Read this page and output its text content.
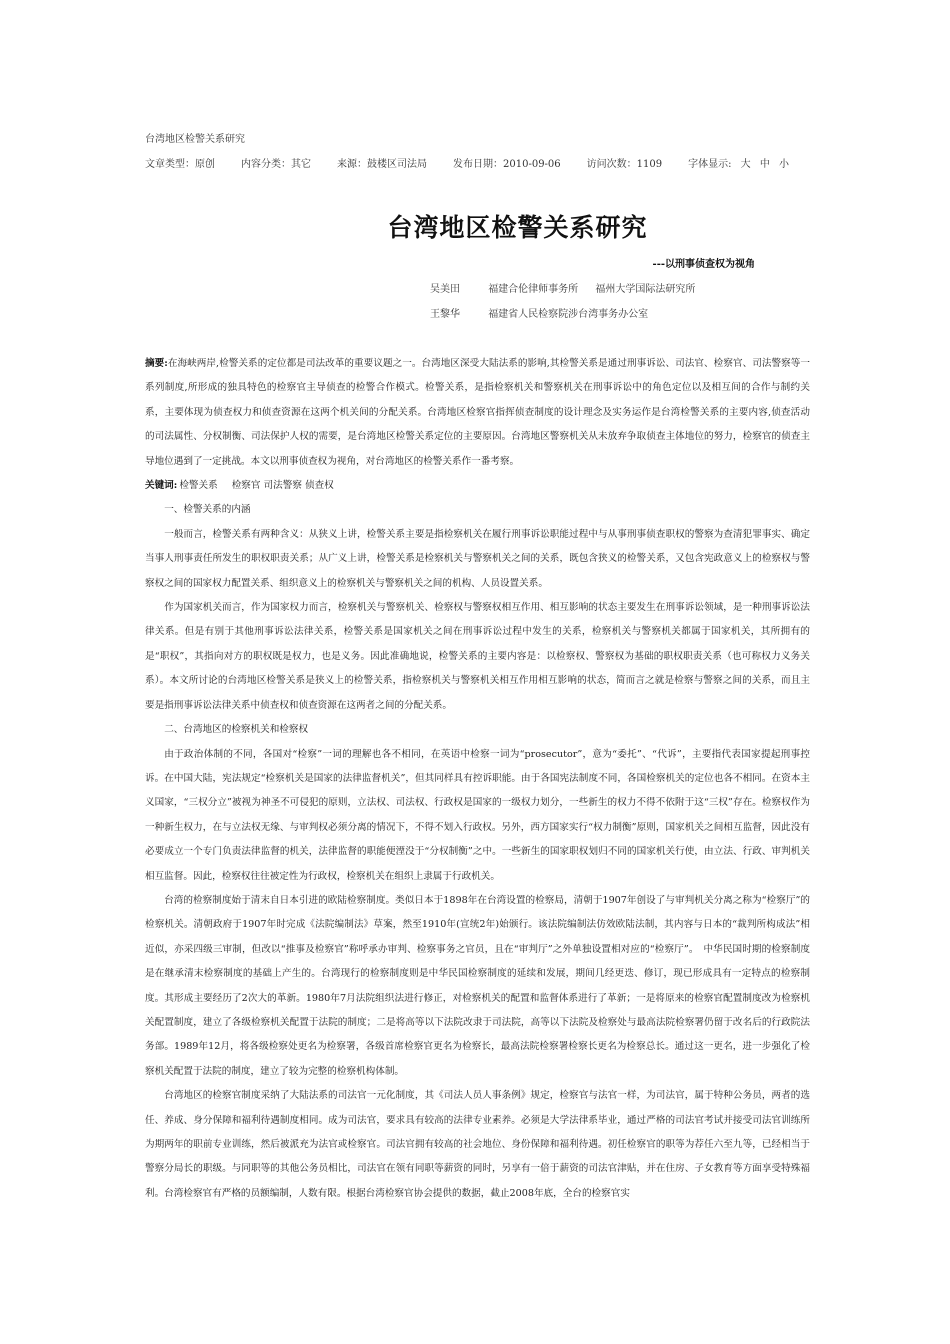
台湾地区检警关系研究
文章类型：原创	内容分类：其它	来源：鼓楼区司法局	发布日期：2010-09-06	访问次数：1109	字体显示: 大 中 小
台湾地区检警关系研究
---以刑事侦查权为视角
吴美田	福建合伦律师事务所 福州大学国际法研究所
王黎华	福建省人民检察院涉台湾事务办公室

摘要:在海峡两岸,检警关系的定位都是司法改革的重要议题之一。台湾地区深受大陆法系的影响,其检警关系是通过刑事诉讼、司法官、检察官、司法警察等一系列制度,所形成的独具特色的检察官主导侦查的检警合作模式。检警关系，是指检察机关和警察机关在刑事诉讼中的角色定位以及相互间的合作与制约关系，主要体现为侦查权力和侦查资源在这两个机关间的分配关系。台湾地区检察官指挥侦查制度的设计理念及实务运作是台湾检警关系的主要内容,侦查活动的司法属性、分权制衡、司法保护人权的需要，是台湾地区检警关系定位的主要原因。台湾地区警察机关从未放弃争取侦查主体地位的努力，检察官的侦查主导地位遇到了一定挑战。本文以刑事侦查权为视角，对台湾地区的检警关系作一番考察。

关键词: 检警关系 检察官 司法警察 侦查权

一、检警关系的内涵

一般而言，检警关系有两种含义：从狭义上讲，检警关系主要是指检察机关在履行刑事诉讼职能过程中与从事刑事侦查职权的警察为查清犯罪事实、确定当事人刑事责任所发生的职权职责关系；从广义上讲，检警关系是检察机关与警察机关之间的关系，既包含狭义的检警关系，又包含宪政意义上的检察权与警察权之间的国家权力配置关系、组织意义上的检察机关与警察机关之间的机构、人员设置关系。

作为国家机关而言，作为国家权力而言，检察机关与警察机关、检察权与警察权相互作用、相互影响的状态主要发生在刑事诉讼领域，是一种刑事诉讼法律关系。但是有别于其他刑事诉讼法律关系，检警关系是国家机关之间在刑事诉讼过程中发生的关系，检察机关与警察机关都属于国家机关，其所拥有的是“职权”，其指向对方的职权既是权力，也是义务。因此准确地说，检警关系的主要内容是：以检察权、警察权为基础的职权职责关系（也可称权力义务关系）。本文所讨论的台湾地区检警关系是狭义上的检警关系，指检察机关与警察机关相互作用相互影响的状态，简而言之就是检察与警察之间的关系，而且主要是指刑事诉讼法律关系中侦查权和侦查资源在这两者之间的分配关系。

二、台湾地区的检察机关和检察权

由于政治体制的不同，各国对“检察”一词的理解也各不相同，在英语中检察一词为“prosecutor”，意为“委托”、“代诉”，主要指代表国家提起刑事控诉。在中国大陆，宪法规定“检察机关是国家的法律监督机关”，但其同样具有控诉职能。由于各国宪法制度不同，各国检察机关的定位也各不相同。在资本主义国家，“三权分立”被视为神圣不可侵犯的原则，立法权、司法权、行政权是国家的一级权力划分，一些新生的权力不得不依附于这“三权”存在。检察权作为一种新生权力，在与立法权无缘、与审判权必须分离的情况下，不得不划入行政权。另外，西方国家实行“权力制衡”原则，国家机关之间相互监督，因此没有必要成立一个专门负责法律监督的机关，法律监督的职能便湮没于“分权制衡”之中。一些新生的国家职权划归不同的国家机关行使，由立法、行政、审判机关相互监督。因此，检察权往往被定性为行政权，检察机关在组织上隶属于行政机关。

台湾的检察制度始于清末自日本引进的欧陆检察制度。类似日本于1898年在台湾设置的检察局，清朝于1907年创设了与审判机关分离之称为“检察厅”的检察机关。清朝政府于1907年时完成《法院编制法》草案，然至1910年(宣统2年)始颁行。该法院编制法仿效欧陆法制，其内容与日本的“裁判所构成法”相近似，亦采四级三审制，但改以“推事及检察官”称呼承办审判、检察事务之官员，且在“审判厅”之外单独设置相对应的“检察厅”。　中华民国时期的检察制度是在继承清末检察制度的基础上产生的。台湾现行的检察制度则是中华民国检察制度的延续和发展，期间几经更迭、修订，现已形成具有一定特点的检察制度。其形成主要经历了2次大的革新。1980年7月法院组织法进行修正，对检察机关的配置和监督体系进行了革新；一是将原来的检察官配置制度改为检察机关配置制度，建立了各级检察机关配置于法院的制度；二是将高等以下法院改隶于司法院，高等以下法院及检察处与最高法院检察署仍留于改名后的行政院法务部。1989年12月，将各级检察处更名为检察署，各级首席检察官更名为检察长，最高法院检察署检察长更名为检察总长。通过这一更名，进一步强化了检察机关配置于法院的制度，建立了较为完整的检察机构体制。

台湾地区的检察官制度采纳了大陆法系的司法官一元化制度，其《司法人员人事条例》规定，检察官与法官一样，为司法官，属于特种公务员，两者的选任、养成、身分保障和福利待遇制度相同。成为司法官，要求具有较高的法律专业素养。必须是大学法律系毕业，通过严格的司法官考试并接受司法官训练所为期两年的职前专业训练，然后被派充为法官或检察官。司法官拥有较高的社会地位、身份保障和福利待遇。初任检察官的职等为荐任六至九等，已经相当于警察分局长的职级。与同职等的其他公务员相比，司法官在领有同职等薪资的同时，另享有一倍于薪资的司法官津贴，并在住房、子女教育等方面享受特殊福利。台湾检察官有严格的员额编制，人数有限。根据台湾检察官协会提供的数据，截止2008年底，全台的检察官实
